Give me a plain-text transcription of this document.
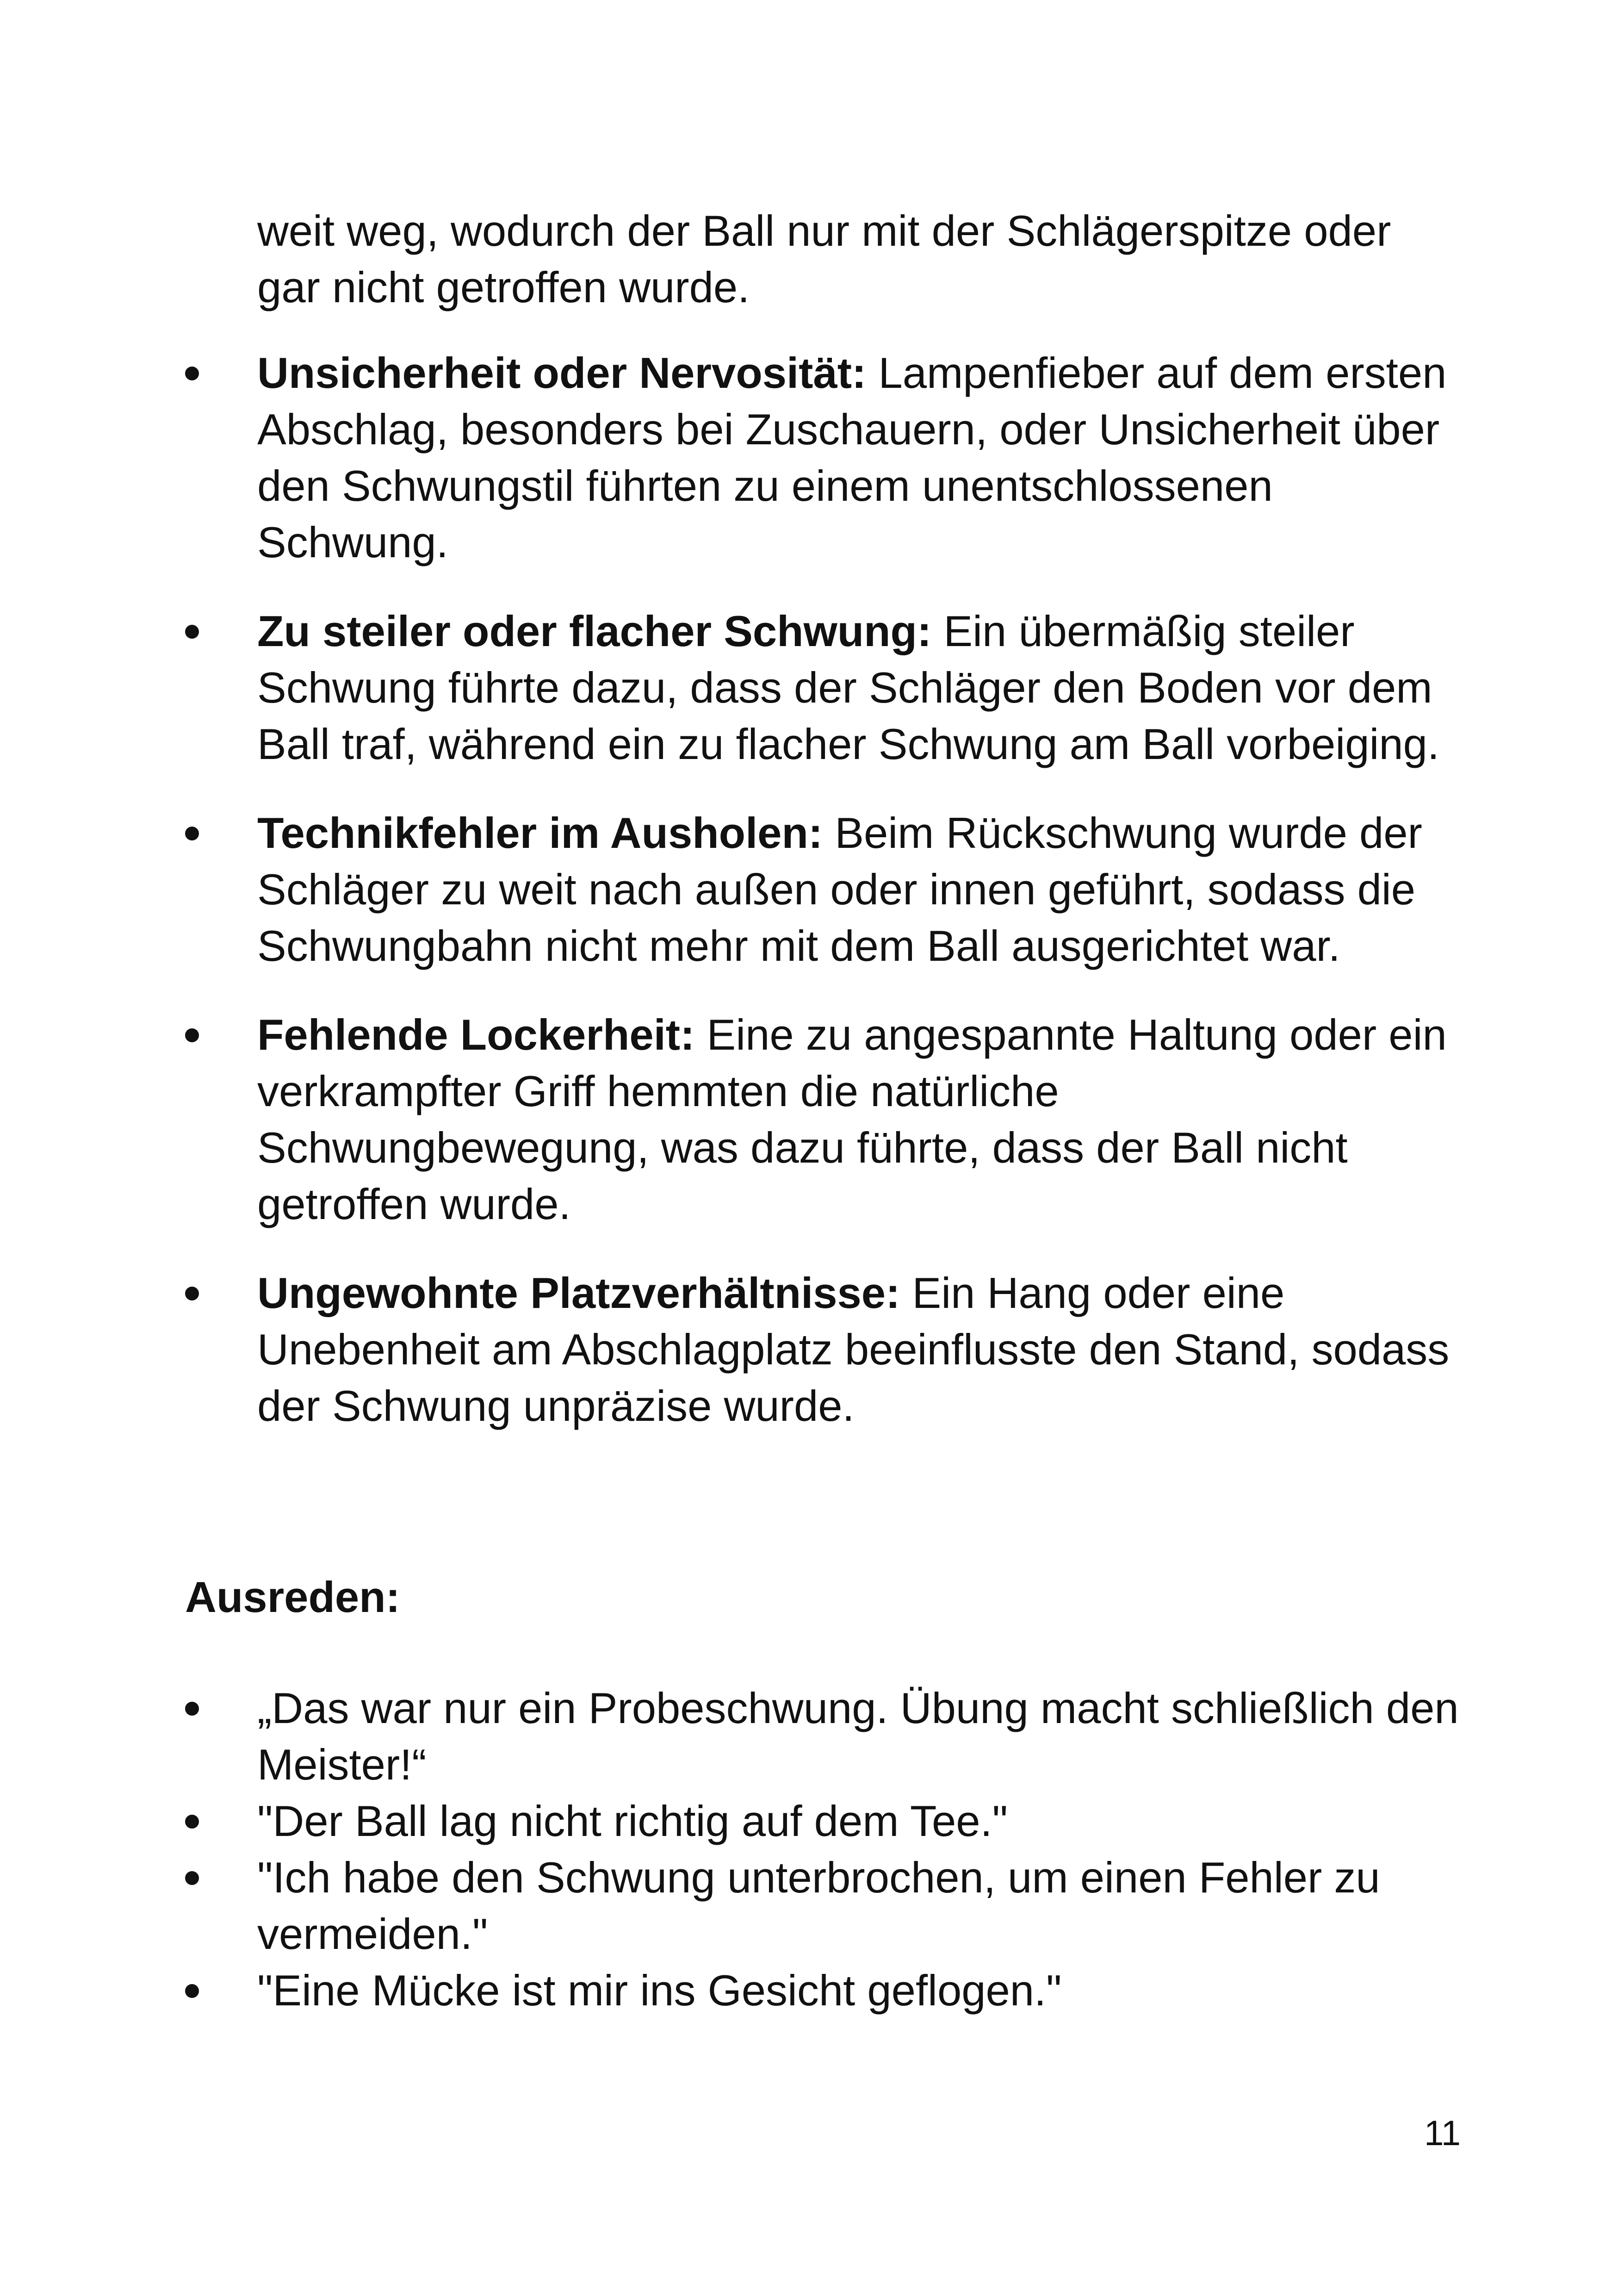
weit weg, wodurch der Ball nur mit der Schlägerspitze oder gar nicht getroffen wurde.

Unsicherheit oder Nervosität: Lampenfieber auf dem ersten Abschlag, besonders bei Zuschauern, oder Unsicherheit über den Schwungstil führten zu einem unentschlossenen Schwung.
Zu steiler oder flacher Schwung: Ein übermäßig steiler Schwung führte dazu, dass der Schläger den Boden vor dem Ball traf, während ein zu flacher Schwung am Ball vorbeiging.
Technikfehler im Ausholen: Beim Rückschwung wurde der Schläger zu weit nach außen oder innen geführt, sodass die Schwungbahn nicht mehr mit dem Ball ausgerichtet war.
Fehlende Lockerheit: Eine zu angespannte Haltung oder ein verkrampfter Griff hemmten die natürliche Schwungbewegung, was dazu führte, dass der Ball nicht getroffen wurde.
Ungewohnte Platzverhältnisse: Ein Hang oder eine Unebenheit am Abschlagplatz beeinflusste den Stand, sodass der Schwung unpräzise wurde.
Ausreden:
„Das war nur ein Probeschwung. Übung macht schließlich den Meister!“
"Der Ball lag nicht richtig auf dem Tee."
"Ich habe den Schwung unterbrochen, um einen Fehler zu vermeiden."
"Eine Mücke ist mir ins Gesicht geflogen."
11
